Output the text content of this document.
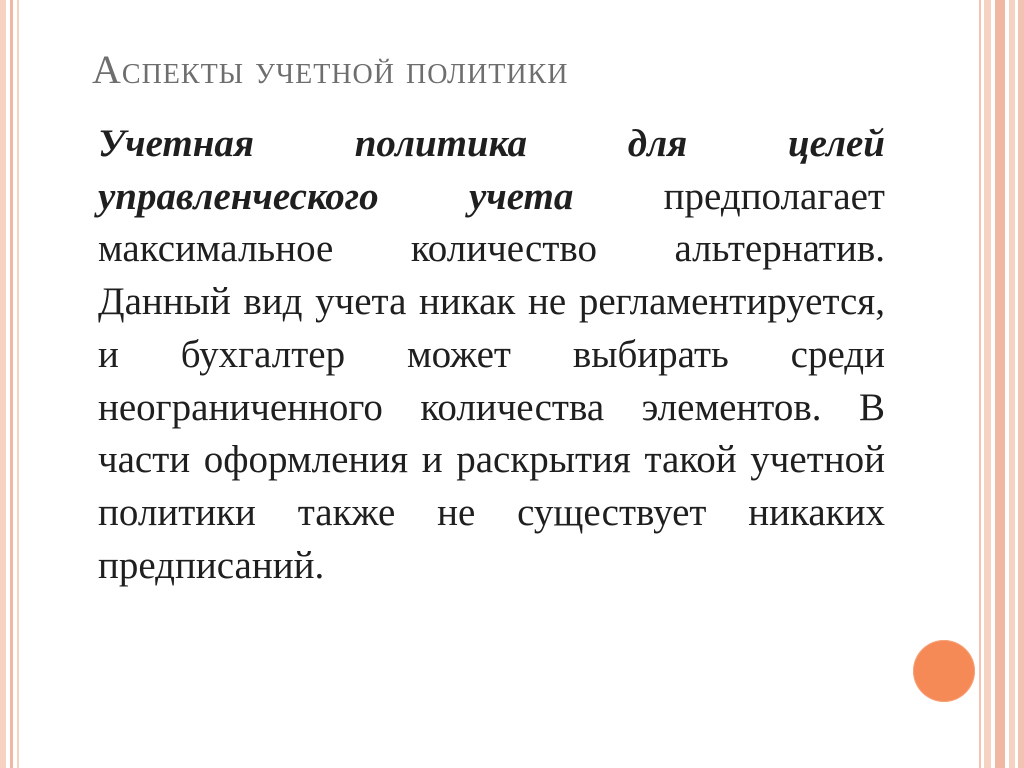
Аспекты учетной политики

Учетная политика для целей управленческого учета предполагает максимальное количество альтернатив. Данный вид учета никак не регламентируется, и бухгалтер может выбирать среди неограниченного количества элементов. В части оформления и раскрытия такой учетной политики также не существует никаких предписаний.
